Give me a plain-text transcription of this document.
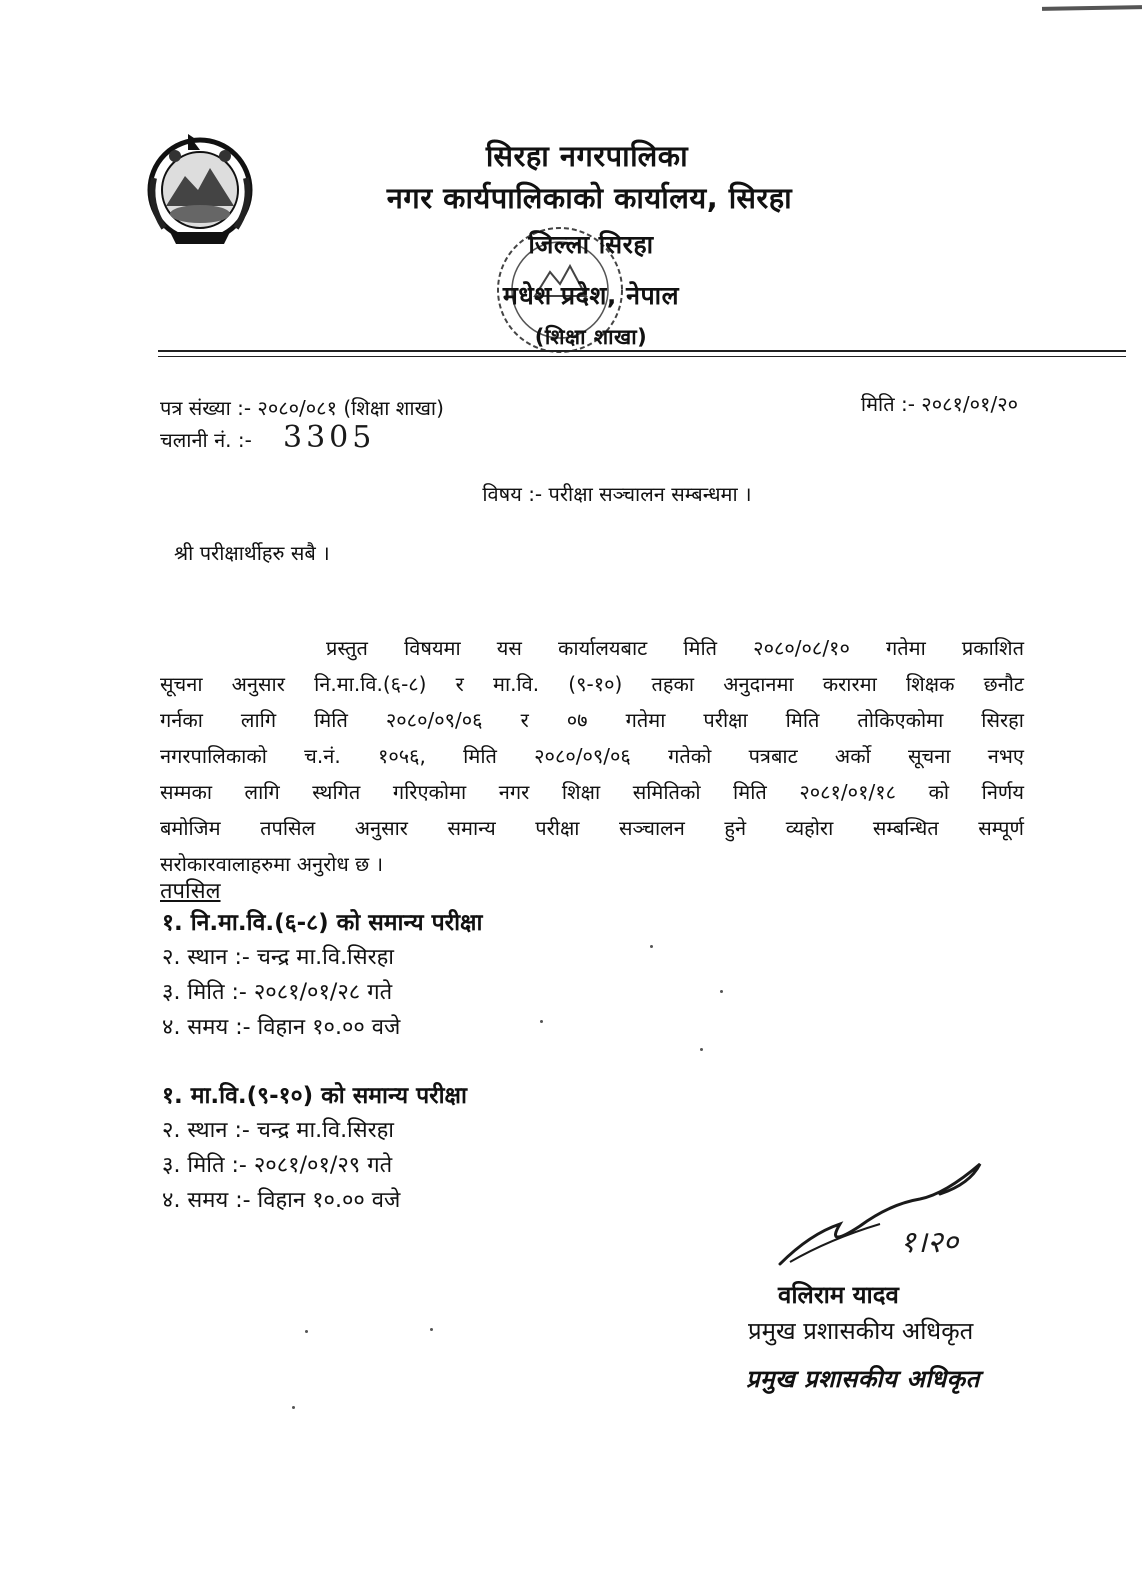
सिरहा नगरपालिका
नगर कार्यपालिकाको कार्यालय, सिरहा
जिल्ला सिरहा
मधेश प्रदेश, नेपाल
(शिक्षा शाखा)
पत्र संख्या :- २०८०/०८१ (शिक्षा शाखा)	मिति :- २०८१/०१/२०
चलानी नं. :- 3305
विषय :- परीक्षा सञ्चालन सम्बन्धमा ।
श्री परीक्षार्थीहरु सबै ।
प्रस्तुत विषयमा यस कार्यालयबाट मिति २०८०/०८/१० गतेमा प्रकाशित
सूचना अनुसार नि.मा.वि.(६-८) र मा.वि. (९-१०) तहका अनुदानमा करारमा शिक्षक छनौट
गर्नका लागि मिति २०८०/०९/०६ र ०७ गतेमा परीक्षा मिति तोकिएकोमा सिरहा
नगरपालिकाको च.नं. १०५६, मिति २०८०/०९/०६ गतेको पत्रबाट अर्को सूचना नभए
सम्मका लागि स्थगित गरिएकोमा नगर शिक्षा समितिको मिति २०८१/०१/१८ को निर्णय
बमोजिम तपसिल अनुसार समान्य परीक्षा सञ्चालन हुने व्यहोरा सम्बन्धित सम्पूर्ण
सरोकारवालाहरुमा अनुरोध छ ।
तपसिल
१. नि.मा.वि.(६-८) को समान्य परीक्षा
२. स्थान :- चन्द्र मा.वि.सिरहा
३. मिति :- २०८१/०१/२८ गते
४. समय :- विहान १०.०० वजे
१. मा.वि.(९-१०) को समान्य परीक्षा
२. स्थान :- चन्द्र मा.वि.सिरहा
३. मिति :- २०८१/०१/२९ गते
४. समय :- विहान १०.०० वजे
१।२०
वलिराम यादव
प्रमुख प्रशासकीय अधिकृत
प्रमुख प्रशासकीय अधिकृत
